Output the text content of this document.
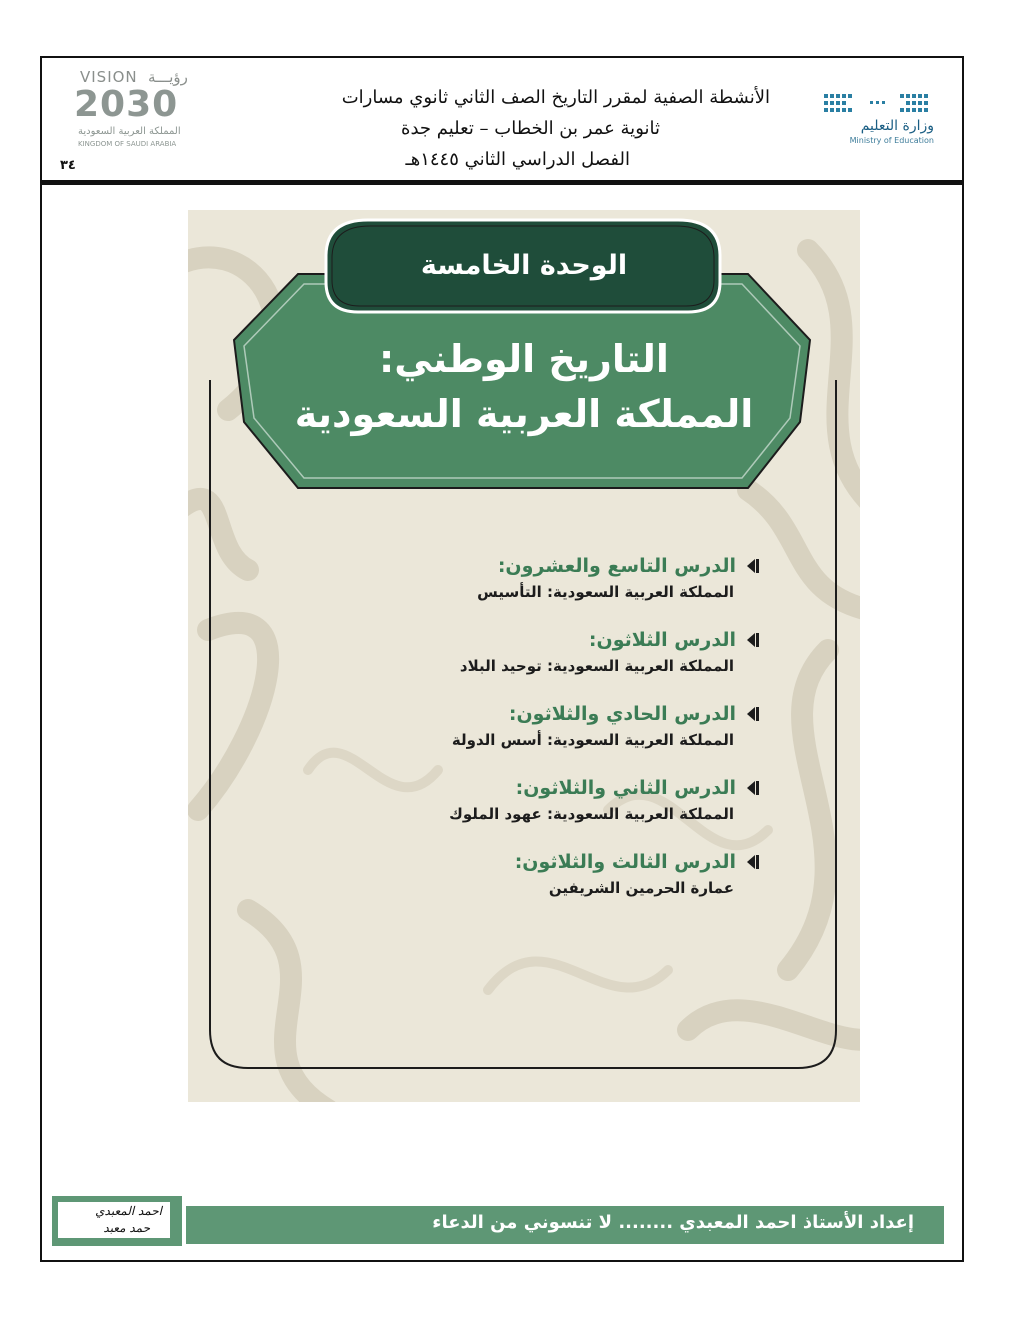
VISION رؤيـــة
2030
المملكة العربية السعودية
KINGDOM OF SAUDI ARABIA
٣٤
الأنشطة الصفية لمقرر التاريخ الصف الثاني ثانوي مسارات
ثانوية عمر بن الخطاب – تعليم جدة
الفصل الدراسي الثاني ١٤٤٥هـ
وزارة التعليم
Ministry of Education
الوحدة الخامسة
التاريخ الوطني:
المملكة العربية السعودية
الدرس التاسع والعشرون:
المملكة العربية السعودية: التأسيس
الدرس الثلاثون:
المملكة العربية السعودية: توحيد البلاد
الدرس الحادي والثلاثون:
المملكة العربية السعودية: أسس الدولة
الدرس الثاني والثلاثون:
المملكة العربية السعودية: عهود الملوك
الدرس الثالث والثلاثون:
عمارة الحرمين الشريفين
احمد المعبدي
حمد معبد	إعداد الأستاذ احمد المعبدي ........ لا تنسوني من الدعاء
